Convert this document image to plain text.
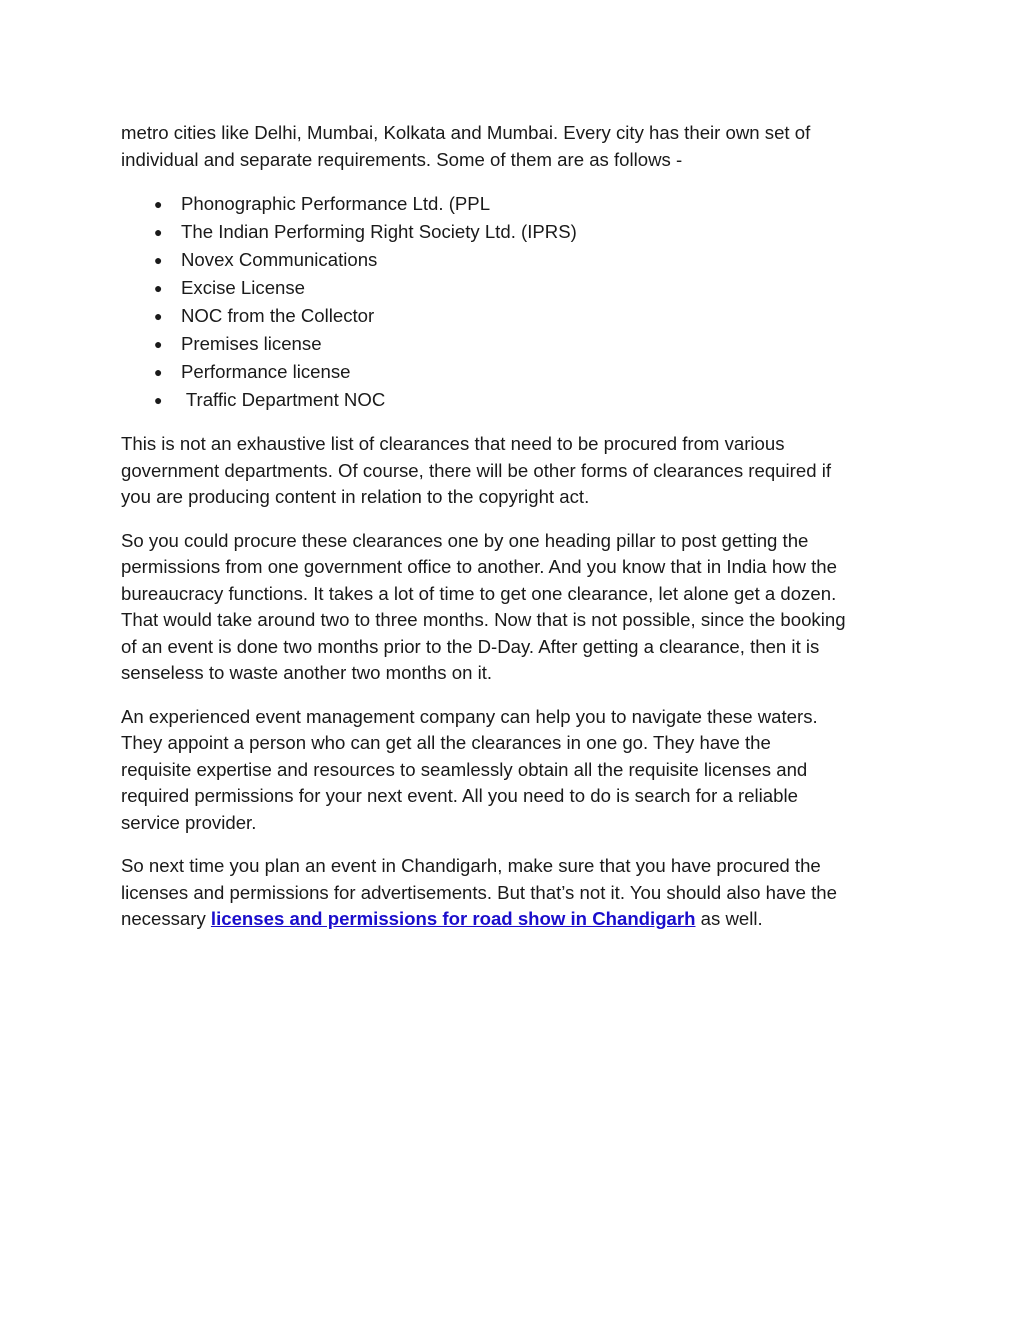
metro cities like Delhi, Mumbai, Kolkata and Mumbai. Every city has their own set of
individual and separate requirements. Some of them are as follows -

● Phonographic Performance Ltd. (PPL
● The Indian Performing Right Society Ltd. (IPRS)
● Novex Communications
● Excise License
● NOC from the Collector
● Premises license
● Performance license
● Traffic Department NOC

This is not an exhaustive list of clearances that need to be procured from various
government departments. Of course, there will be other forms of clearances required if
you are producing content in relation to the copyright act.

So you could procure these clearances one by one heading pillar to post getting the
permissions from one government office to another. And you know that in India how the
bureaucracy functions. It takes a lot of time to get one clearance, let alone get a dozen.
That would take around two to three months. Now that is not possible, since the booking
of an event is done two months prior to the D-Day. After getting a clearance, then it is
senseless to waste another two months on it.

An experienced event management company can help you to navigate these waters.
They appoint a person who can get all the clearances in one go. They have the
requisite expertise and resources to seamlessly obtain all the requisite licenses and
required permissions for your next event. All you need to do is search for a reliable
service provider.

So next time you plan an event in Chandigarh, make sure that you have procured the
licenses and permissions for advertisements. But that’s not it. You should also have the
necessary licenses and permissions for road show in Chandigarh as well.
